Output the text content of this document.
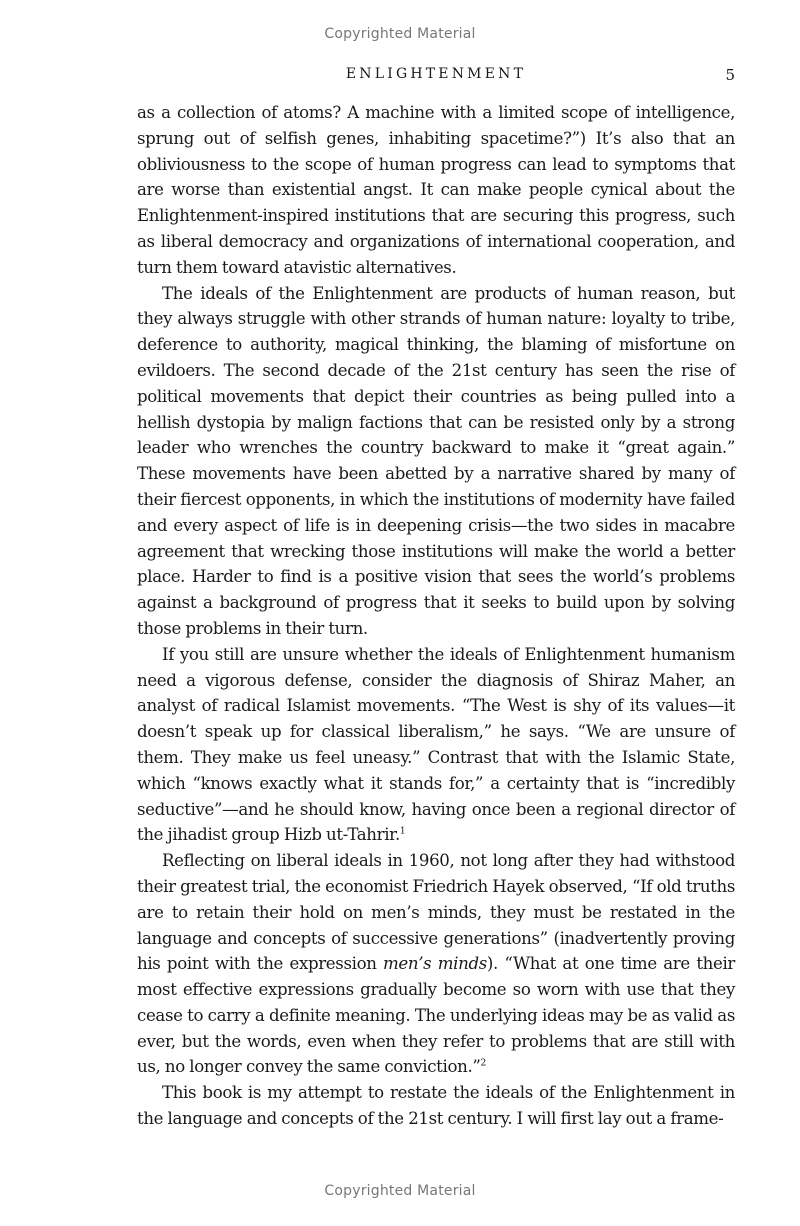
Copyrighted Material
ENLIGHTENMENT	5

as a collection of atoms? A machine with a limited scope of intelligence, sprung out of selfish genes, inhabiting spacetime?”) It’s also that an obliviousness to the scope of human progress can lead to symptoms that are worse than existential angst. It can make people cynical about the Enlightenment-inspired institutions that are securing this progress, such as liberal democracy and organizations of international cooperation, and turn them toward atavistic alternatives.

The ideals of the Enlightenment are products of human reason, but they always struggle with other strands of human nature: loyalty to tribe, deference to authority, magical thinking, the blaming of misfortune on evildoers. The second decade of the 21st century has seen the rise of political movements that depict their countries as being pulled into a hellish dystopia by malign factions that can be resisted only by a strong leader who wrenches the country backward to make it “great again.” These movements have been abetted by a narrative shared by many of their fiercest opponents, in which the institutions of modernity have failed and every aspect of life is in deepening crisis—the two sides in macabre agreement that wrecking those institutions will make the world a better place. Harder to find is a positive vision that sees the world’s problems against a background of progress that it seeks to build upon by solving those problems in their turn.

If you still are unsure whether the ideals of Enlightenment humanism need a vigorous defense, consider the diagnosis of Shiraz Maher, an analyst of radical Islamist movements. “The West is shy of its values—it doesn’t speak up for classical liberalism,” he says. “We are unsure of them. They make us feel uneasy.” Contrast that with the Islamic State, which “knows exactly what it stands for,” a certainty that is “incredibly seductive”—and he should know, having once been a regional director of the jihadist group Hizb ut-Tahrir.$^1$

Reflecting on liberal ideals in 1960, not long after they had withstood their greatest trial, the economist Friedrich Hayek observed, “If old truths are to retain their hold on men’s minds, they must be restated in the language and concepts of successive generations” (inadvertently proving his point with the expression men’s minds). “What at one time are their most effective expressions gradually become so worn with use that they cease to carry a definite meaning. The underlying ideas may be as valid as ever, but the words, even when they refer to problems that are still with us, no longer convey the same conviction.”$^2$

This book is my attempt to restate the ideals of the Enlightenment in the language and concepts of the 21st century. I will first lay out a frame-

Copyrighted Material
